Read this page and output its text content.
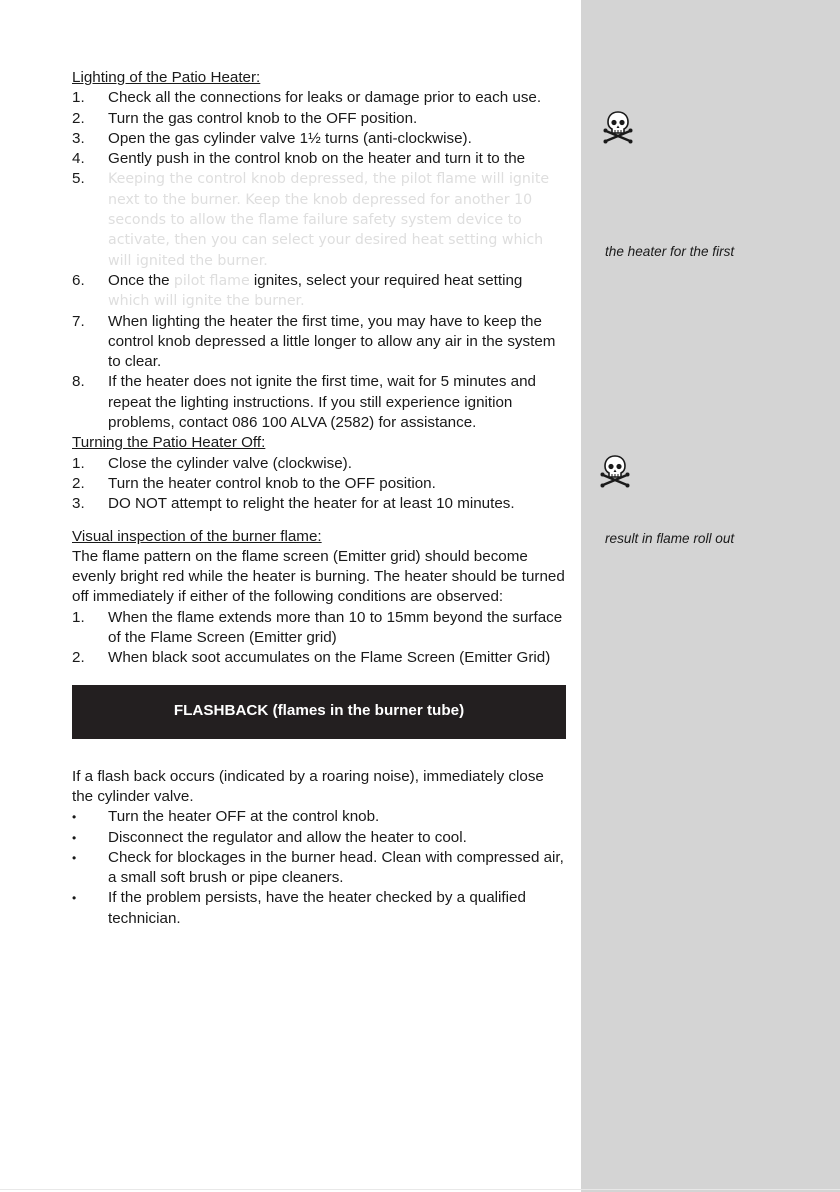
Lighting of the Patio Heater:

1. Check all the connections for leaks or damage prior to each use.
2. Turn the gas control knob to the OFF position.
3. Open the gas cylinder valve 1½ turns (anti-clockwise).
4. Gently push in the control knob on the heater and turn it to the
5. Keeping the control knob depressed, the pilot flame will ignite next to the burner. Keep the knob depressed for another 10 seconds to allow the flame failure safety system device to activate, then you can select your desired heat setting which will ignited the burner.
6. Once the pilot flame ignites, select your required heat setting
which will ignite the burner.
7. When lighting the heater the first time, you may have to keep the control knob depressed a little longer to allow any air in the system to clear.
8. If the heater does not ignite the first time, wait for 5 minutes and repeat the lighting instructions. If you still experience ignition problems, contact 086 100 ALVA (2582) for assistance.

Turning the Patio Heater Off:

1. Close the cylinder valve (clockwise).
2. Turn the heater control knob to the OFF position.
3. DO NOT attempt to relight the heater for at least 10 minutes.

Visual inspection of the burner flame:

The flame pattern on the flame screen (Emitter grid) should become evenly bright red while the heater is burning. The heater should be turned off immediately if either of the following conditions are observed:

1. When the flame extends more than 10 to 15mm beyond the surface of the Flame Screen (Emitter grid)
2. When black soot accumulates on the Flame Screen (Emitter Grid)
FLASHBACK (flames in the burner tube)

If a flash back occurs (indicated by a roaring noise), immediately close the cylinder valve.

• Turn the heater OFF at the control knob.
• Disconnect the regulator and allow the heater to cool.
• Check for blockages in the burner head. Clean with compressed air, a small soft brush or pipe cleaners.
• If the problem persists, have the heater checked by a qualified technician.
the heater for the first
result in flame roll out
